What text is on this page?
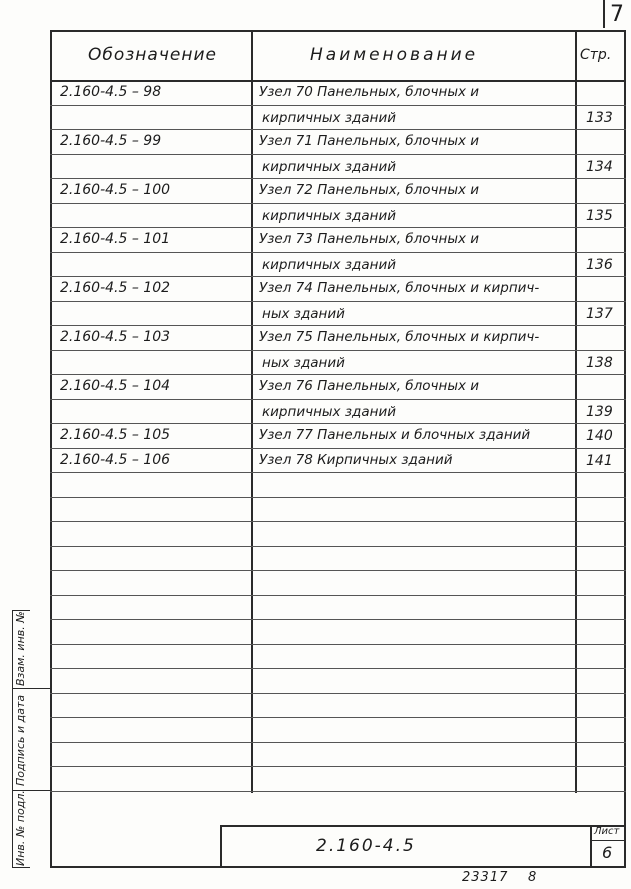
7
Обозначение	Наименование	Стр.
2.160-4.5 – 98	Узел 70 Панельных, блочных и
кирпичных зданий	133
2.160-4.5 – 99	Узел 71 Панельных, блочных и
кирпичных зданий	134
2.160-4.5 – 100	Узел 72 Панельных, блочных и
кирпичных зданий	135
2.160-4.5 – 101	Узел 73 Панельных, блочных и
кирпичных зданий	136
2.160-4.5 – 102	Узел 74 Панельных, блочных и кирпич-
ных зданий	137
2.160-4.5 – 103	Узел 75 Панельных, блочных и кирпич-
ных зданий	138
2.160-4.5 – 104	Узел 76 Панельных, блочных и
кирпичных зданий	139
2.160-4.5 – 105	Узел 77 Панельных и блочных зданий	140
2.160-4.5 – 106	Узел 78 Кирпичных зданий	141
Взам. инв. №
Подпись и дата
Инв. № подл.	2.160-4.5
Лист
6
23317 8
